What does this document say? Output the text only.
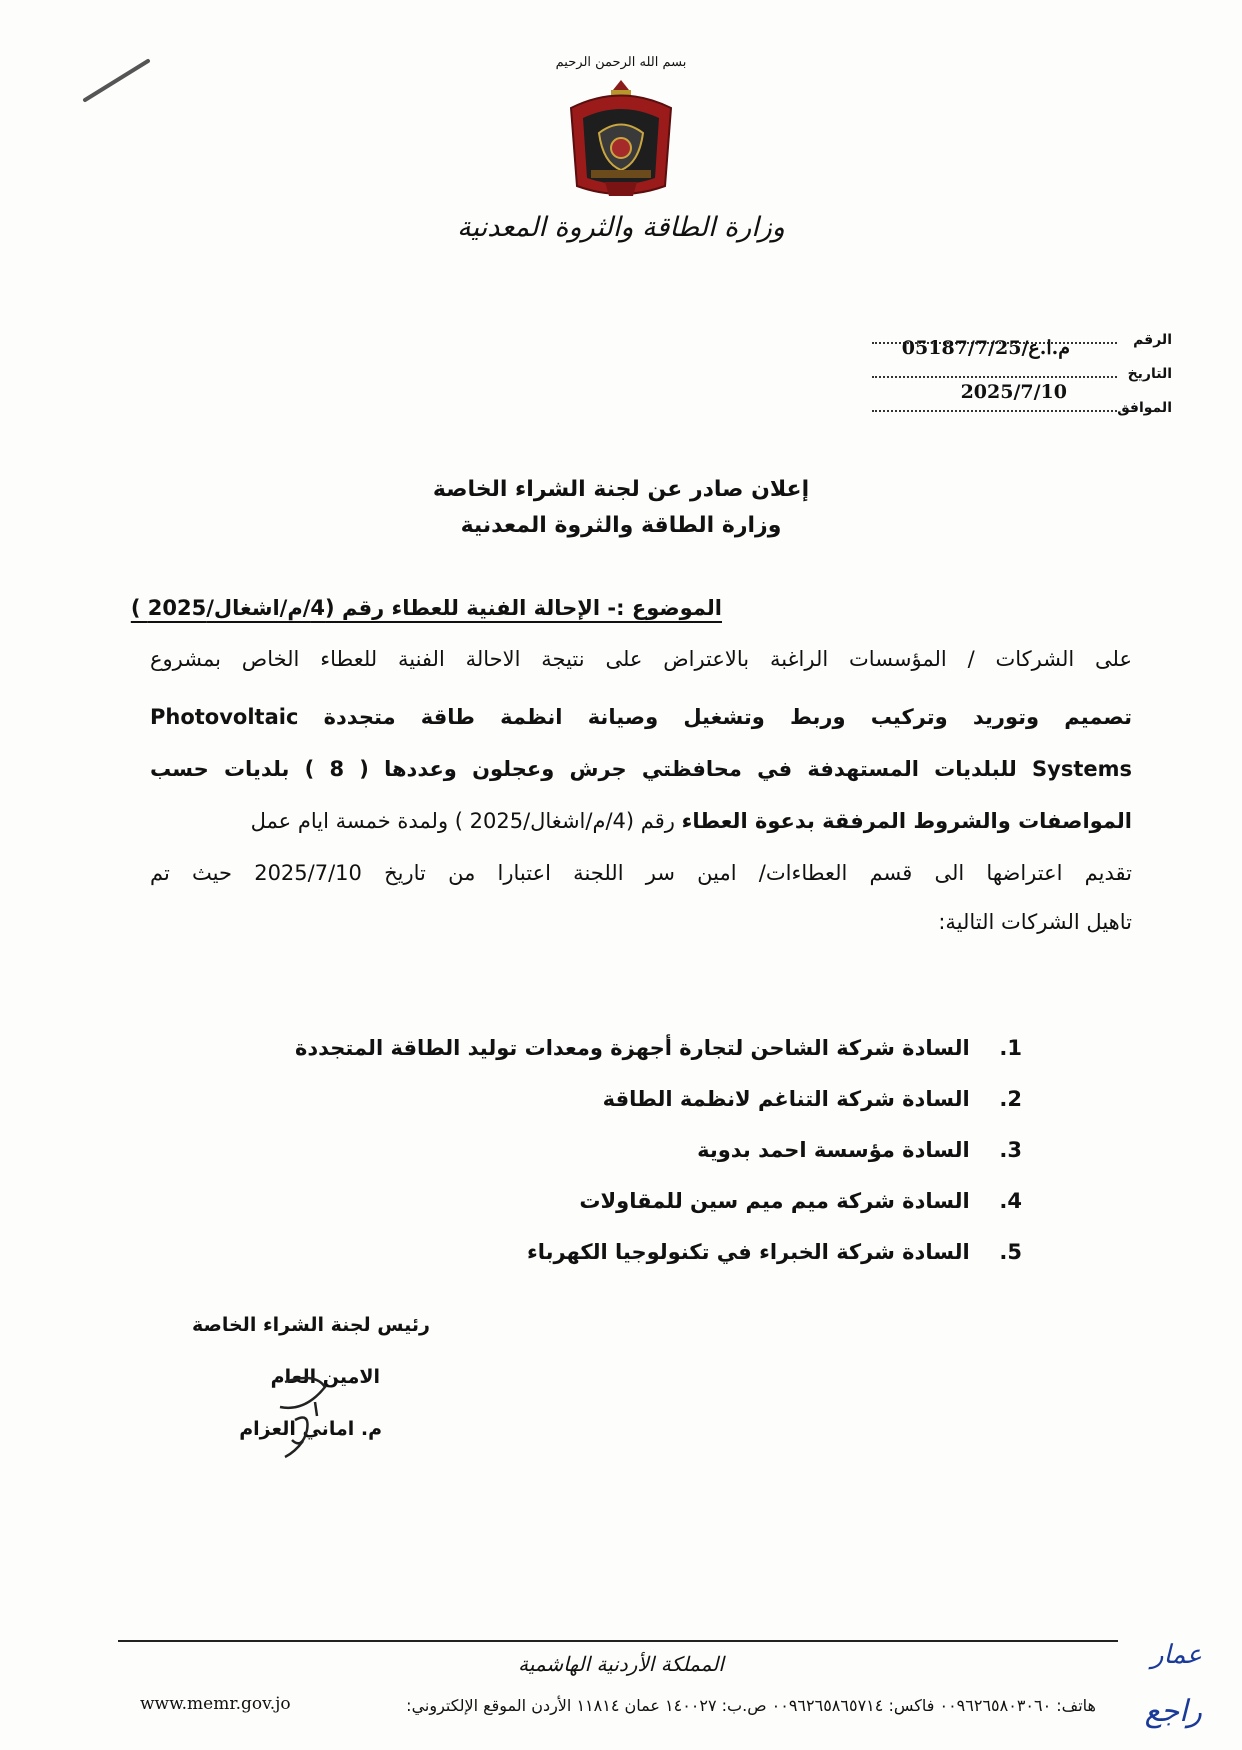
بسم الله الرحمن الرحيم
وزارة الطاقة والثروة المعدنية
الرقم
م.ا.ع/05187/7/25
التاريخ
2025/7/10
الموافق
إعلان صادر عن لجنة الشراء الخاصة
وزارة الطاقة والثروة المعدنية
الموضوع :- الإحالة الفنية للعطاء رقم (4/م/اشغال/2025 )
على الشركات / المؤسسات الراغبة بالاعتراض على نتيجة الاحالة الفنية للعطاء الخاص بمشروع
تصميم وتوريد وتركيب وربط وتشغيل وصيانة انظمة طاقة متجددة Photovoltaic
Systems للبلديات المستهدفة في محافظتي جرش وعجلون وعددها ( 8 ) بلديات حسب
المواصفات والشروط المرفقة بدعوة العطاء رقم (4/م/اشغال/2025 ) ولمدة خمسة ايام عمل
تقديم اعتراضها الى قسم العطاءات/ امين سر اللجنة اعتبارا من تاريخ 2025/7/10 حيث تم
تاهيل الشركات التالية:
1. السادة شركة الشاحن لتجارة أجهزة ومعدات توليد الطاقة المتجددة
2. السادة شركة التناغم لانظمة الطاقة
3. السادة مؤسسة احمد بدوية
4. السادة شركة ميم ميم سين للمقاولات
5. السادة شركة الخبراء في تكنولوجيا الكهرباء
رئيس لجنة الشراء الخاصة
الامين العام
م. اماني العزام
المملكة الأردنية الهاشمية
هاتف: ٠٠٩٦٢٦٥٨٠٣٠٦٠ فاكس: ٠٠٩٦٢٦٥٨٦٥٧١٤ ص.ب: ١٤٠٠٢٧ عمان ١١٨١٤ الأردن الموقع الإلكتروني:
www.memr.gov.jo
عمار
راجع
